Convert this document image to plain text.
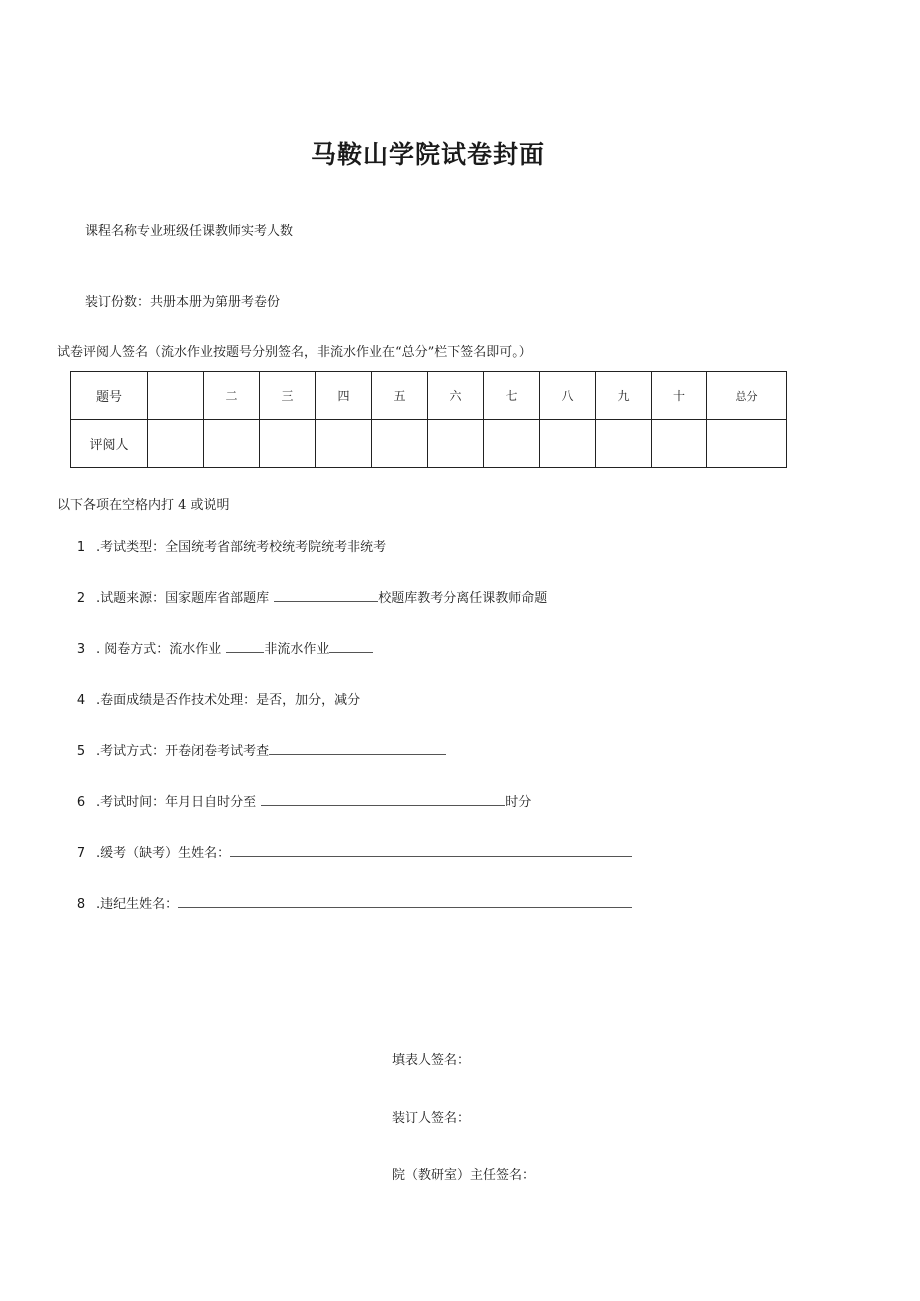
马鞍山学院试卷封面
课程名称专业班级任课教师实考人数
装订份数：共册本册为第册考卷份
试卷评阅人签名（流水作业按题号分别签名，非流水作业在“总分”栏下签名即可。）
题号		二	三	四	五	六	七	八	九	十	总分
评阅人											
以下各项在空格内打 4 或说明
1 .考试类型：全国统考省部统考校统考院统考非统考
2 .试题来源：国家题库省部题库	校题库教考分离任课教师命题
3 . 阅卷方式：流水作业	非流水作业
4 .卷面成绩是否作技术处理：是否，加分，减分
5 .考试方式：开卷闭卷考试考查
6 .考试时间：年月日自时分至	时分
7 .缓考（缺考）生姓名：
8 .违纪生姓名：
填表人签名：
装订人签名：
院（教研室）主任签名：
